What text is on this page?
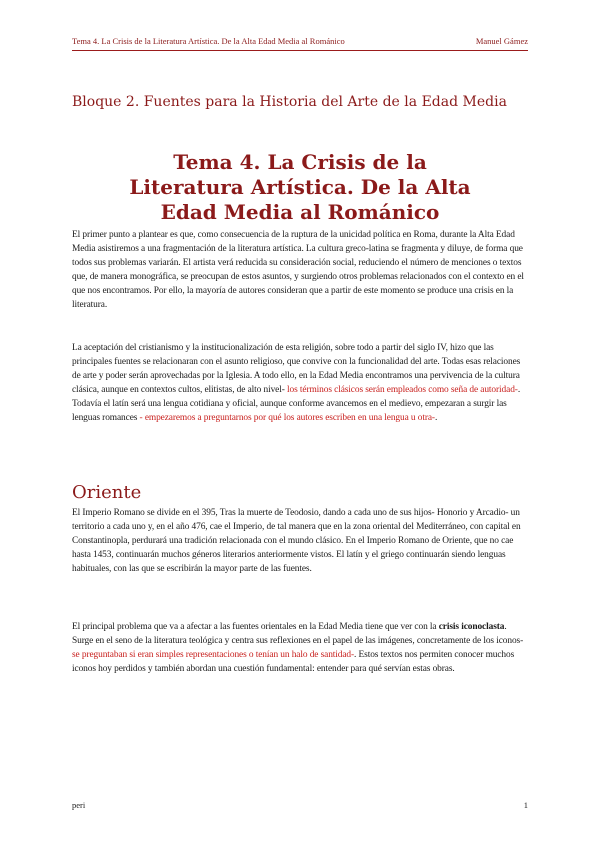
Tema 4. La Crisis de la Literatura Artística. De la Alta Edad Media al Románico	Manuel Gámez
Bloque 2. Fuentes para la Historia del Arte de la Edad Media
Tema 4. La Crisis de la
Literatura Artística. De la Alta
Edad Media al Románico

El primer punto a plantear es que, como consecuencia de la ruptura de la unicidad política en Roma, durante la Alta Edad Media asistiremos a una fragmentación de la literatura artística. La cultura greco-latina se fragmenta y diluye, de forma que todos sus problemas variarán. El artista verá reducida su consideración social, reduciendo el número de menciones o textos que, de manera monográfica, se preocupan de estos asuntos, y surgiendo otros problemas relacionados con el contexto en el que nos encontramos. Por ello, la mayoría de autores consideran que a partir de este momento se produce una crisis en la literatura.

La aceptación del cristianismo y la institucionalización de esta religión, sobre todo a partir del siglo IV, hizo que las principales fuentes se relacionaran con el asunto religioso, que convive con la funcionalidad del arte. Todas esas relaciones de arte y poder serán aprovechadas por la Iglesia. A todo ello, en la Edad Media encontramos una pervivencia de la cultura clásica, aunque en contextos cultos, elitistas, de alto nivel- los términos clásicos serán empleados como seña de autoridad-. Todavía el latín será una lengua cotidiana y oficial, aunque conforme avancemos en el medievo, empezaran a surgir las lenguas romances - empezaremos a preguntarnos por qué los autores escriben en una lengua u otra-.

Oriente

El Imperio Romano se divide en el 395, Tras la muerte de Teodosio, dando a cada uno de sus hijos- Honorio y Arcadio- un territorio a cada uno y, en el año 476, cae el Imperio, de tal manera que en la zona oriental del Mediterráneo, con capital en Constantinopla, perdurará una tradición relacionada con el mundo clásico. En el Imperio Romano de Oriente, que no cae hasta 1453, continuarán muchos géneros literarios anteriormente vistos. El latín y el griego continuarán siendo lenguas habituales, con las que se escribirán la mayor parte de las fuentes.

El principal problema que va a afectar a las fuentes orientales en la Edad Media tiene que ver con la crisis iconoclasta. Surge en el seno de la literatura teológica y centra sus reflexiones en el papel de las imágenes, concretamente de los iconos- se preguntaban si eran simples representaciones o tenían un halo de santidad-. Estos textos nos permiten conocer muchos iconos hoy perdidos y también abordan una cuestión fundamental: entender para qué servían estas obras.

peri	1
